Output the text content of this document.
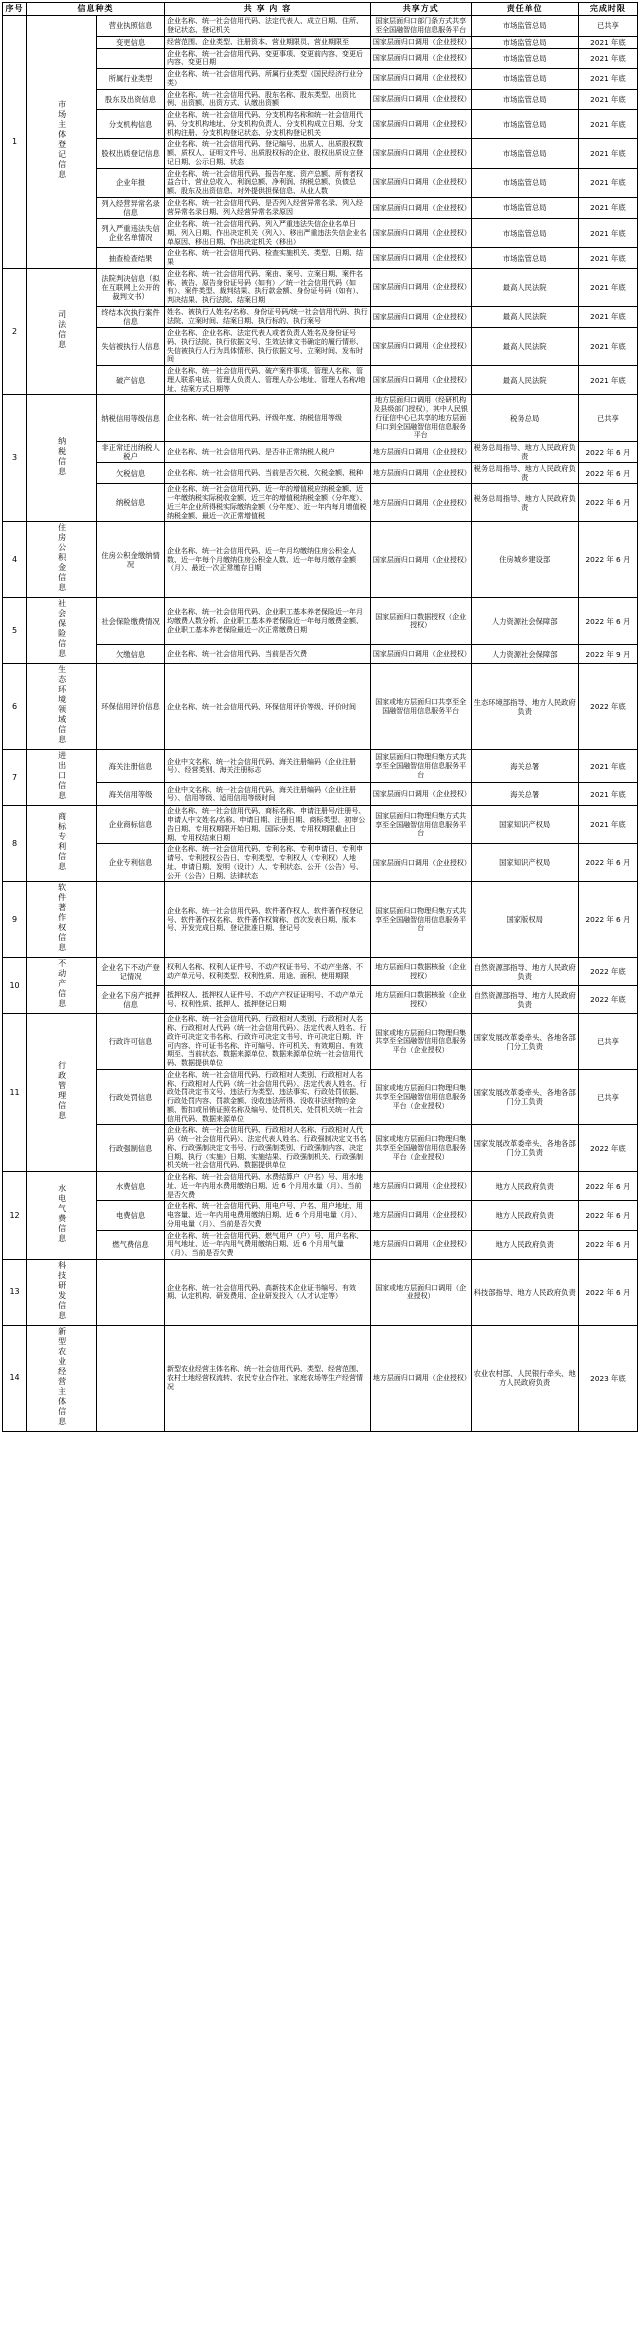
序号	信息种类		共 享 内 容	共享方式	责任单位	完成时限
1	市场主体登记信息	营业执照信息	企业名称、统一社会信用代码、法定代表人、成立日期、住所、登记状态、登记机关	国家层面归口部门条方式共享至全国融智信用信息服务平台	市场监管总局	已共享
		变更信息	经营范围、企业类型、注册资本、营业期限员、营业期限至	国家层面归口调用（企业授权）	市场监管总局	2021 年底
			企业名称、统一社会信用代码、变更事项、变更前内容、变更后内容、变更日期	国家层面归口调用（企业授权）	市场监管总局	2021 年底
		所属行业类型	企业名称、统一社会信用代码、所属行业类型（国民经济行业分类）	国家层面归口调用（企业授权）	市场监管总局	2021 年底
		股东及出资信息	企业名称、统一社会信用代码、股东名称、股东类型、出资比例、出资额、出资方式、认缴出资额	国家层面归口调用（企业授权）	市场监管总局	2021 年底
		分支机构信息	企业名称、统一社会信用代码、分支机构名称和统一社会信用代码、分支机构地址、分支机构负责人、分支机构成立日期、分支机构注册、分支机构登记状态、分支机构登记机关	国家层面归口调用（企业授权）	市场监管总局	2021 年底
		股权出质登记信息	企业名称、统一社会信用代码、登记编号、出质人、出质股权数额、质权人、证明文件号、出质股权标的企业、股权出质设立登记日期、公示日期、状态	国家层面归口调用（企业授权）	市场监管总局	2021 年底
		企业年报	企业名称、统一社会信用代码、报告年度、资产总额、所有者权益合计、营业总收入、利润总额、净利润、纳税总额、负债总额、股东及出资信息、对外提供担保信息、从业人数	国家层面归口调用（企业授权）	市场监管总局	2021 年底
		列入经营异常名录信息	企业名称、统一社会信用代码、是否列入经营异常名录、列入经营异常名录日期、列入经营异常名录原因	国家层面归口调用（企业授权）	市场监管总局	2021 年底
		列入严重违法失信企业名单情况	企业名称、统一社会信用代码、列入严重违法失信企业名单日期、列入日期、作出决定机关（列入）、移出严重违法失信企业名单原因、移出日期、作出决定机关（移出）	国家层面归口调用（企业授权）	市场监管总局	2021 年底
		抽查检查结果	企业名称、统一社会信用代码、检查实施机关、类型、日期、结果	国家层面归口调用（企业授权）	市场监管总局	2021 年底
2	司法信息	法院判决信息（拟在互联网上公开的裁判文书）	企业名称、统一社会信用代码、案由、案号、立案日期、案件名称、被告、原告身份证号码（如有）／统一社会信用代码（如有）、案件类型、裁判结果、执行款金额、身份证号码（如有）、判决结果、执行法院、结案日期	国家层面归口调用（企业授权）	最高人民法院	2021 年底
		终结本次执行案件信息	姓名、被执行人姓名/名称、身份证号码/统一社会信用代码、执行法院、立案时间、结案日期、执行标的、执行案号	国家层面归口调用（企业授权）	最高人民法院	2021 年底
		失信被执行人信息	企业名称、企业名称、法定代表人或者负责人姓名及身份证号码、执行法院、执行依据文号、生效法律文书确定的履行情形、失信被执行人行为具体情形、执行依据文号、立案时间、发布时间	国家层面归口调用（企业授权）	最高人民法院	2021 年底
		破产信息	企业名称、统一社会信用代码、破产案件事项、管理人名称、管理人联系电话、管理人负责人、管理人办公地址、管理人名称/地址、结案方式日期等	国家层面归口调用（企业授权）	最高人民法院	2021 年底
3	纳税信息	纳税信用等级信息	企业名称、统一社会信用代码、评级年度、纳税信用等级	地方层面归口调用（经研机构及县级部门授权），其中人民银行征信中心已共享的地方层面归口到全国融智信用信息服务平台	税务总局	已共享
		非正常迁出纳税人税户	企业名称、统一社会信用代码、是否非正常纳税人税户	地方层面归口调用（企业授权）	税务总局指导、地方人民政府负责	2022 年 6 月
		欠税信息	企业名称、统一社会信用代码、当前是否欠税、欠税金额、税种	地方层面归口调用（企业授权）	税务总局指导、地方人民政府负责	2022 年 6 月
		纳税信息	企业名称、统一社会信用代码、近一年的增值税应纳税金额、近一年缴纳税实际税收金额、近三年的增值税纳税金额（分年度）、近三年企业所得税实际缴纳金额（分年度）、近一年内每月增值税纳税金额、最近一次正常增值税	地方层面归口调用（企业授权）	税务总局指导、地方人民政府负责	2022 年 6 月
4	住房公积金信息	住房公积金缴纳情况	企业名称、统一社会信用代码、近一年月均缴纳住房公积金人数、近一年每个月缴纳住房公积金人数、近一年每月缴存金额（月）、最近一次正常缴存日期	国家层面归口调用（企业授权）	住房城乡建设部	2022 年 6 月
5	社会保险信息	社会保险缴费情况	企业名称、统一社会信用代码、企业职工基本养老保险近一年月均缴费人数分析、企业职工基本养老保险近一年每月缴费金额、企业职工基本养老保险最近一次正常缴费日期	国家层面归口数据授权（企业授权）	人力资源社会保障部	2022 年 6 月
		欠缴信息	企业名称、统一社会信用代码、当前是否欠费	国家层面归口调用（企业授权）	人力资源社会保障部	2022 年 9 月
6	生态环境领域信息	环保信用评价信息	企业名称、统一社会信用代码、环保信用评价等级、评价时间	国家或地方层面归口共享至全国融智信用信息服务平台	生态环境部指导、地方人民政府负责	2022 年底
7	进出口信息	海关注册信息	企业中文名称、统一社会信用代码、海关注册编码（企业注册号）、经营类别、海关注册标志	国家层面归口物理归集方式共享至全国融智信用信息服务平台	海关总署	2021 年底
		海关信用等级	企业中文名称、统一社会信用代码、海关注册编码（企业注册号）、信用等级、适用信用等级时间	国家层面归口调用（企业授权）	海关总署	2021 年底
8	商标专利信息	企业商标信息	企业名称、统一社会信用代码、商标名称、申请注册号/注册号、申请人中文姓名/名称、申请日期、注册日期、商标类型、初审公告日期、专用权期限开始日期、国际分类、专用权期限截止日期、专用权结束日期	国家层面归口物理归集方式共享至全国融智信用信息服务平台	国家知识产权局	2021 年底
		企业专利信息	企业名称、统一社会信用代码、专利名称、专利申请日、专利申请号、专利授权公告日、专利类型、专利权人（专利权）人地址、申请日期、发明（设计）人、专利状态、公开（公告）号、公开（公告）日期、法律状态	国家层面归口调用（企业授权）	国家知识产权局	2022 年 6 月
9	软件著作权信息		企业名称、统一社会信用代码、软件著作权人、软件著作权登记号、软件著作权名称、软件著作权简称、首次发表日期、版本号、开发完成日期、登记批准日期、登记号	国家层面归口物理归集方式共享至全国融智信用信息服务平台	国家版权局	2022 年 6 月
10	不动产信息	企业名下不动产登记情况	权利人名称、权利人证件号、不动产权证书号、不动产坐落、不动产单元号、权利类型、权利性质、用途、面积、使用期限	地方层面归口数据核验（企业授权）	自然资源部指导、地方人民政府负责	2022 年底
		企业名下房产抵押信息	抵押权人、抵押权人证件号、不动产产权证证明号、不动产单元号、权利性质、抵押人、抵押登记日期	地方层面归口数据核验（企业授权）	自然资源部指导、地方人民政府负责	2022 年底
11	行政管理信息	行政许可信息	企业名称、统一社会信用代码、行政相对人类别、行政相对人名称、行政相对人代码（统一社会信用代码）、法定代表人姓名、行政许可决定文书名称、行政许可决定文书号、许可决定日期、许可内容、许可证书名称、许可编号、许可机关、有效期自、有效期至、当前状态、数据来源单位、数据来源单位统一社会信用代码、数据提供单位	国家或地方层面归口物理归集共享至全国融智信用信息服务平台（企业授权）	国家发展改革委牵头、各地各部门分工负责	已共享
		行政处罚信息	企业名称、统一社会信用代码、行政相对人类别、行政相对人名称、行政相对人代码（统一社会信用代码）、法定代表人姓名、行政处罚决定书文号、违法行为类型、违法事实、行政处罚依据、行政处罚内容、罚款金额、没收违法所得、没收非法财物的金额、暂扣或吊销证照名称及编号、处罚机关、处罚机关统一社会信用代码、数据来源单位	国家或地方层面归口物理归集共享至全国融智信用信息服务平台（企业授权）	国家发展改革委牵头、各地各部门分工负责	已共享
		行政强制信息	企业名称、统一社会信用代码、行政相对人名称、行政相对人代码（统一社会信用代码）、法定代表人姓名、行政强制决定文书名称、行政强制决定文书号、行政强制类别、行政强制内容、决定日期、执行（实施）日期、实施结果、行政强制机关、行政强制机关统一社会信用代码、数据提供单位	国家或地方层面归口物理归集共享至全国融智信用信息服务平台（企业授权）	国家发展改革委牵头、各地各部门分工负责	2022 年底
12	水电气费信息	水费信息	企业名称、统一社会信用代码、水费结算户（户名）号、用水地址、近一年内用水费用缴纳日期、近 6 个月用水量（月）、当前是否欠费	地方层面归口调用（企业授权）	地方人民政府负责	2022 年 6 月
		电费信息	企业名称、统一社会信用代码、用电户号、户名、用户地址、用电容量、近一年内用电费用缴纳日期、近 6 个月用电量（月）、分用电量（月）、当前是否欠费	地方层面归口调用（企业授权）	地方人民政府负责	2022 年 6 月
		燃气费信息	企业名称、统一社会信用代码、燃气用户（户）号、用户名称、用气地址、近一年内用气费用缴纳日期、近 6 个月用气量（月）、当前是否欠费	地方层面归口调用（企业授权）	地方人民政府负责	2022 年 6 月
13	科技研发信息		企业名称、统一社会信用代码、高新技术企业证书编号、有效期、认定机构、研发费用、企业研发投入（人才认定等）	国家或地方层面归口调用（企业授权）	科技部指导、地方人民政府负责	2022 年 6 月
14	新型农业经营主体信息		新型农业经营主体名称、统一社会信用代码、类型、经营范围、农村土地经营权流转、农民专业合作社、家庭农场等生产经营情况	地方层面归口调用（企业授权）	农业农村部、人民银行牵头、地方人民政府负责	2023 年底
